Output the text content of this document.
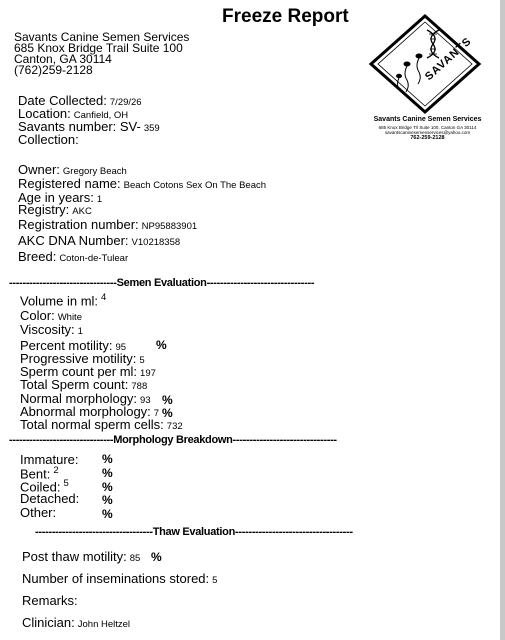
Freeze Report
Savants Canine Semen Services
685 Knox Bridge Trail Suite 100
Canton, GA 30114
(762)259-2128	SAVANTS
Savants Canine Semen Services
685 Knox Bridge Trl Suite 100, Canton GA 30114
savantscaninesemenservices@yahoo.com
762-259-2128
Date Collected: 7/29/26
Location: Canfield, OH
Savants number: SV- 359
Collection:
Owner: Gregory Beach
Registered name: Beach Cotons Sex On The Beach
Age in years: 1
Registry: AKC
Registration number: NP95883901
AKC DNA Number: V10218358
Breed: Coton-de-Tulear
--------------------------------Semen Evaluation--------------------------------
Volume in ml: $^4$
Color: White
Viscosity: 1
Percent motility: 95 %
Progressive motility: 5
Sperm count per ml: 197
Total Sperm count: 788
Normal morphology: 93 %
Abnormal morphology: 7 %
Total normal sperm cells: 732
-------------------------------Morphology Breakdown-------------------------------
Immature: %
Bent: $^2$	%
Coiled: $^5$	%
Detached: %
Other:	%
-----------------------------------Thaw Evaluation-----------------------------------
Post thaw motility: 85 %
Number of inseminations stored: 5
Remarks:
Clinician: John Heltzel
